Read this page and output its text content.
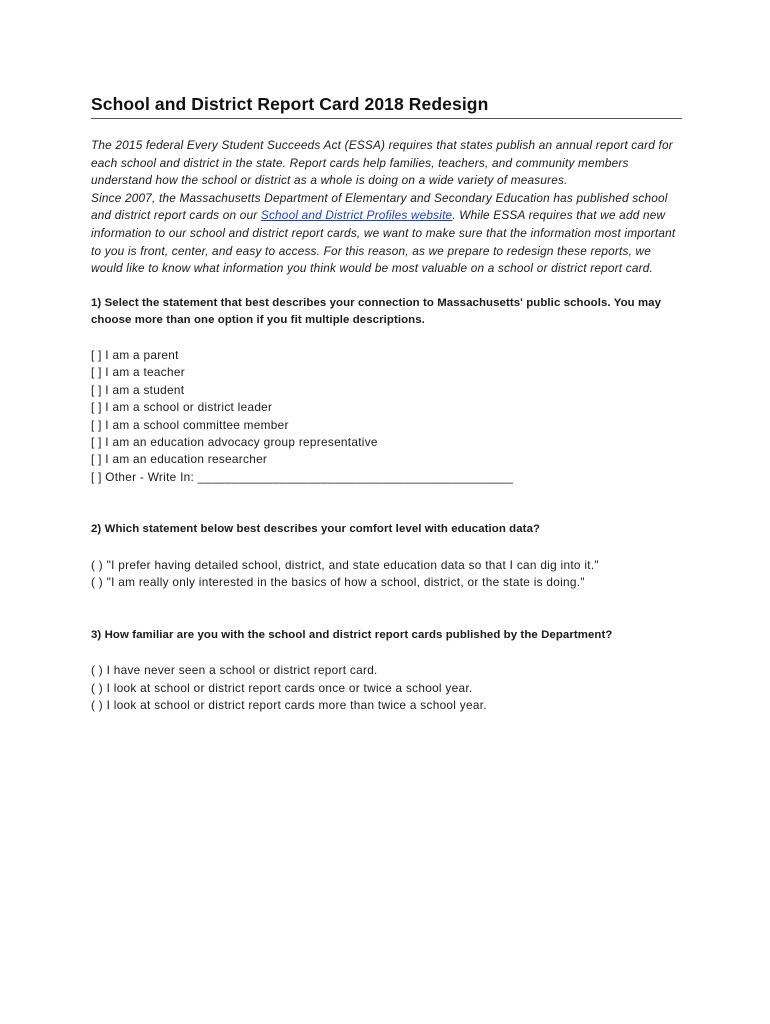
School and District Report Card 2018 Redesign

The 2015 federal Every Student Succeeds Act (ESSA) requires that states publish an annual report card for each school and district in the state. Report cards help families, teachers, and community members understand how the school or district as a whole is doing on a wide variety of measures.

Since 2007, the Massachusetts Department of Elementary and Secondary Education has published school and district report cards on our School and District Profiles website. While ESSA requires that we add new information to our school and district report cards, we want to make sure that the information most important to you is front, center, and easy to access. For this reason, as we prepare to redesign these reports, we would like to know what information you think would be most valuable on a school or district report card.

1) Select the statement that best describes your connection to Massachusetts' public schools. You may choose more than one option if you fit multiple descriptions.

[ ] I am a parent
[ ] I am a teacher
[ ] I am a student
[ ] I am a school or district leader
[ ] I am a school committee member
[ ] I am an education advocacy group representative
[ ] I am an education researcher
[ ] Other - Write In: ______________________________________________

2) Which statement below best describes your comfort level with education data?

( ) "I prefer having detailed school, district, and state education data so that I can dig into it."
( ) "I am really only interested in the basics of how a school, district, or the state is doing."

3) How familiar are you with the school and district report cards published by the Department?

( ) I have never seen a school or district report card.
( ) I look at school or district report cards once or twice a school year.
( ) I look at school or district report cards more than twice a school year.
